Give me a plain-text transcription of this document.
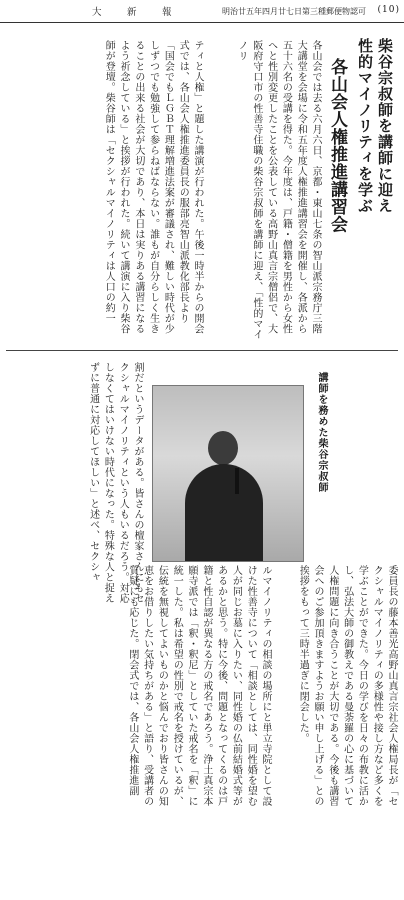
大　新　報	明治廿五年四月廿七日第三種郵便物認可 (10)
柴谷宗叔師を講師に迎え
性的マイノリティを学ぶ
各山会人権推進講習会
各山会では去る六月六日、京都・東山七条の智山派宗務庁三階大講堂を会場に令和五年度人権推進講習会を開催し、各派から五十六名の受講を得た。今年度は、戸籍・僧籍を男性から女性へと性別変更したことを公表している高野山真言宗僧侶で、大阪府守口市の性善寺住職の柴谷宗叔師を講師に迎え、「性的マイノリ
ティと人権」と題した講演が行われた。午後一時半からの開会式では、各山会人権推進委員長の服部亮智山派教化部長より「国会でもＬＧＢＴ理解増進法案が審議され、難しい時代が少しずつでも勉強して参らねばならない。誰もが自分らしく生きることの出来る社会が大切であり、本日は実りある講習になるよう祈念している」と挨拶が行われた。続いて講演に入り柴谷師が登壇。柴谷師は「セクシャルマイノリティは人口の約一
割だというデータがある。皆さんの檀家さんにもセクシャルマイノリティという人もいるだろう。対応しなくてはいけない時代になった。特殊な人と捉えずに普通に対応してほしい」と述べ、セクシャ	講師を務めた柴谷宗叔師
ルマイノリティの相談の場所にと単立寺院として設けた性善寺について「相談としては、同性婚を望む人が同じお墓に入りたい、同性婚の仏前結婚式等があるかと思う。特に今後、問題となってくるのは戸籍と性自認が異なる方の戒名であろう。浄土真宗本願寺派では「釈・釈尼」としていた戒名を「釈」に統一した。私は希望の性別で戒名を授けているが、伝統を無視してよいものかと悩んでおり皆さんの知恵をお借りしたい気持ちがある」と語り、受講者の質疑にも応じた。閉会式では、各山会人権推進副	委員長の藤本善光高野山真言宗社会人権局長が「セクシャルマイノリティの多様性や接し方など多くを学ぶことができた。今日の学びを日々の布教に活かし、弘法大師の御教えである曼荼羅の心に基づいて人権問題に向き合うことが大切である。今後も講習会へのご参加頂きますようお願い申し上げる」との挨拶をもって三時半過ぎに閉会した。
